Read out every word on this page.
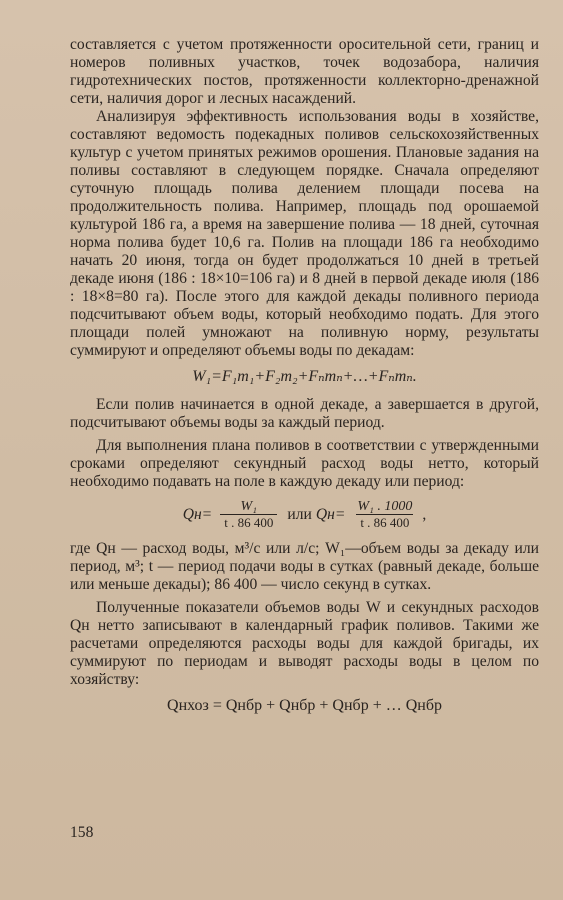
составляется с учетом протяженности оросительной сети, границ и номеров поливных участков, точек водозабора, наличия гидротехнических постов, протяженности коллекторно-дренажной сети, наличия дорог и лесных насаждений.

Анализируя эффективность использования воды в хозяйстве, составляют ведомость подекадных поливов сельскохозяйственных культур с учетом принятых режимов орошения. Плановые задания на поливы составляют в следующем порядке. Сначала определяют суточную площадь полива делением площади посева на продолжительность полива. Например, площадь под орошаемой культурой 186 га, а время на завершение полива — 18 дней, суточная норма полива будет 10,6 га. Полив на площади 186 га необходимо начать 20 июня, тогда он будет продолжаться 10 дней в третьей декаде июня (186 : 18×10=106 га) и 8 дней в первой декаде июля (186 : 18×8=80 га). После этого для каждой декады поливного периода подсчитывают объем воды, который необходимо подать. Для этого площади полей умножают на поливную норму, результаты суммируют и определяют объемы воды по декадам:

W₁=F₁m₁+F₂m₂+Fₙmₙ+…+Fₙmₙ.

Если полив начинается в одной декаде, а завершается в другой, подсчитывают объемы воды за каждый период.

Для выполнения плана поливов в соответствии с утвержденными сроками определяют секундный расход воды нетто, который необходимо подавать на поле в каждую декаду или период:

$Qн= \frac{\text{W₁}}{t . 86 400}$ или $Qн= \frac{\text{W₁ . 1000}}{t . 86 400}$ ,

где Qн — расход воды, м³/с или л/с; W₁—объем воды за декаду или период, м³; t — период подачи воды в сутках (равный декаде, больше или меньше декады); 86 400 — число секунд в сутках.

Полученные показатели объемов воды W и секундных расходов Qн нетто записывают в календарный график поливов. Такими же расчетами определяются расходы воды для каждой бригады, их суммируют по периодам и выводят расходы воды в целом по хозяйству:

Qнхоз = Qнбр + Qнбр + Qнбр + … Qнбр
158
